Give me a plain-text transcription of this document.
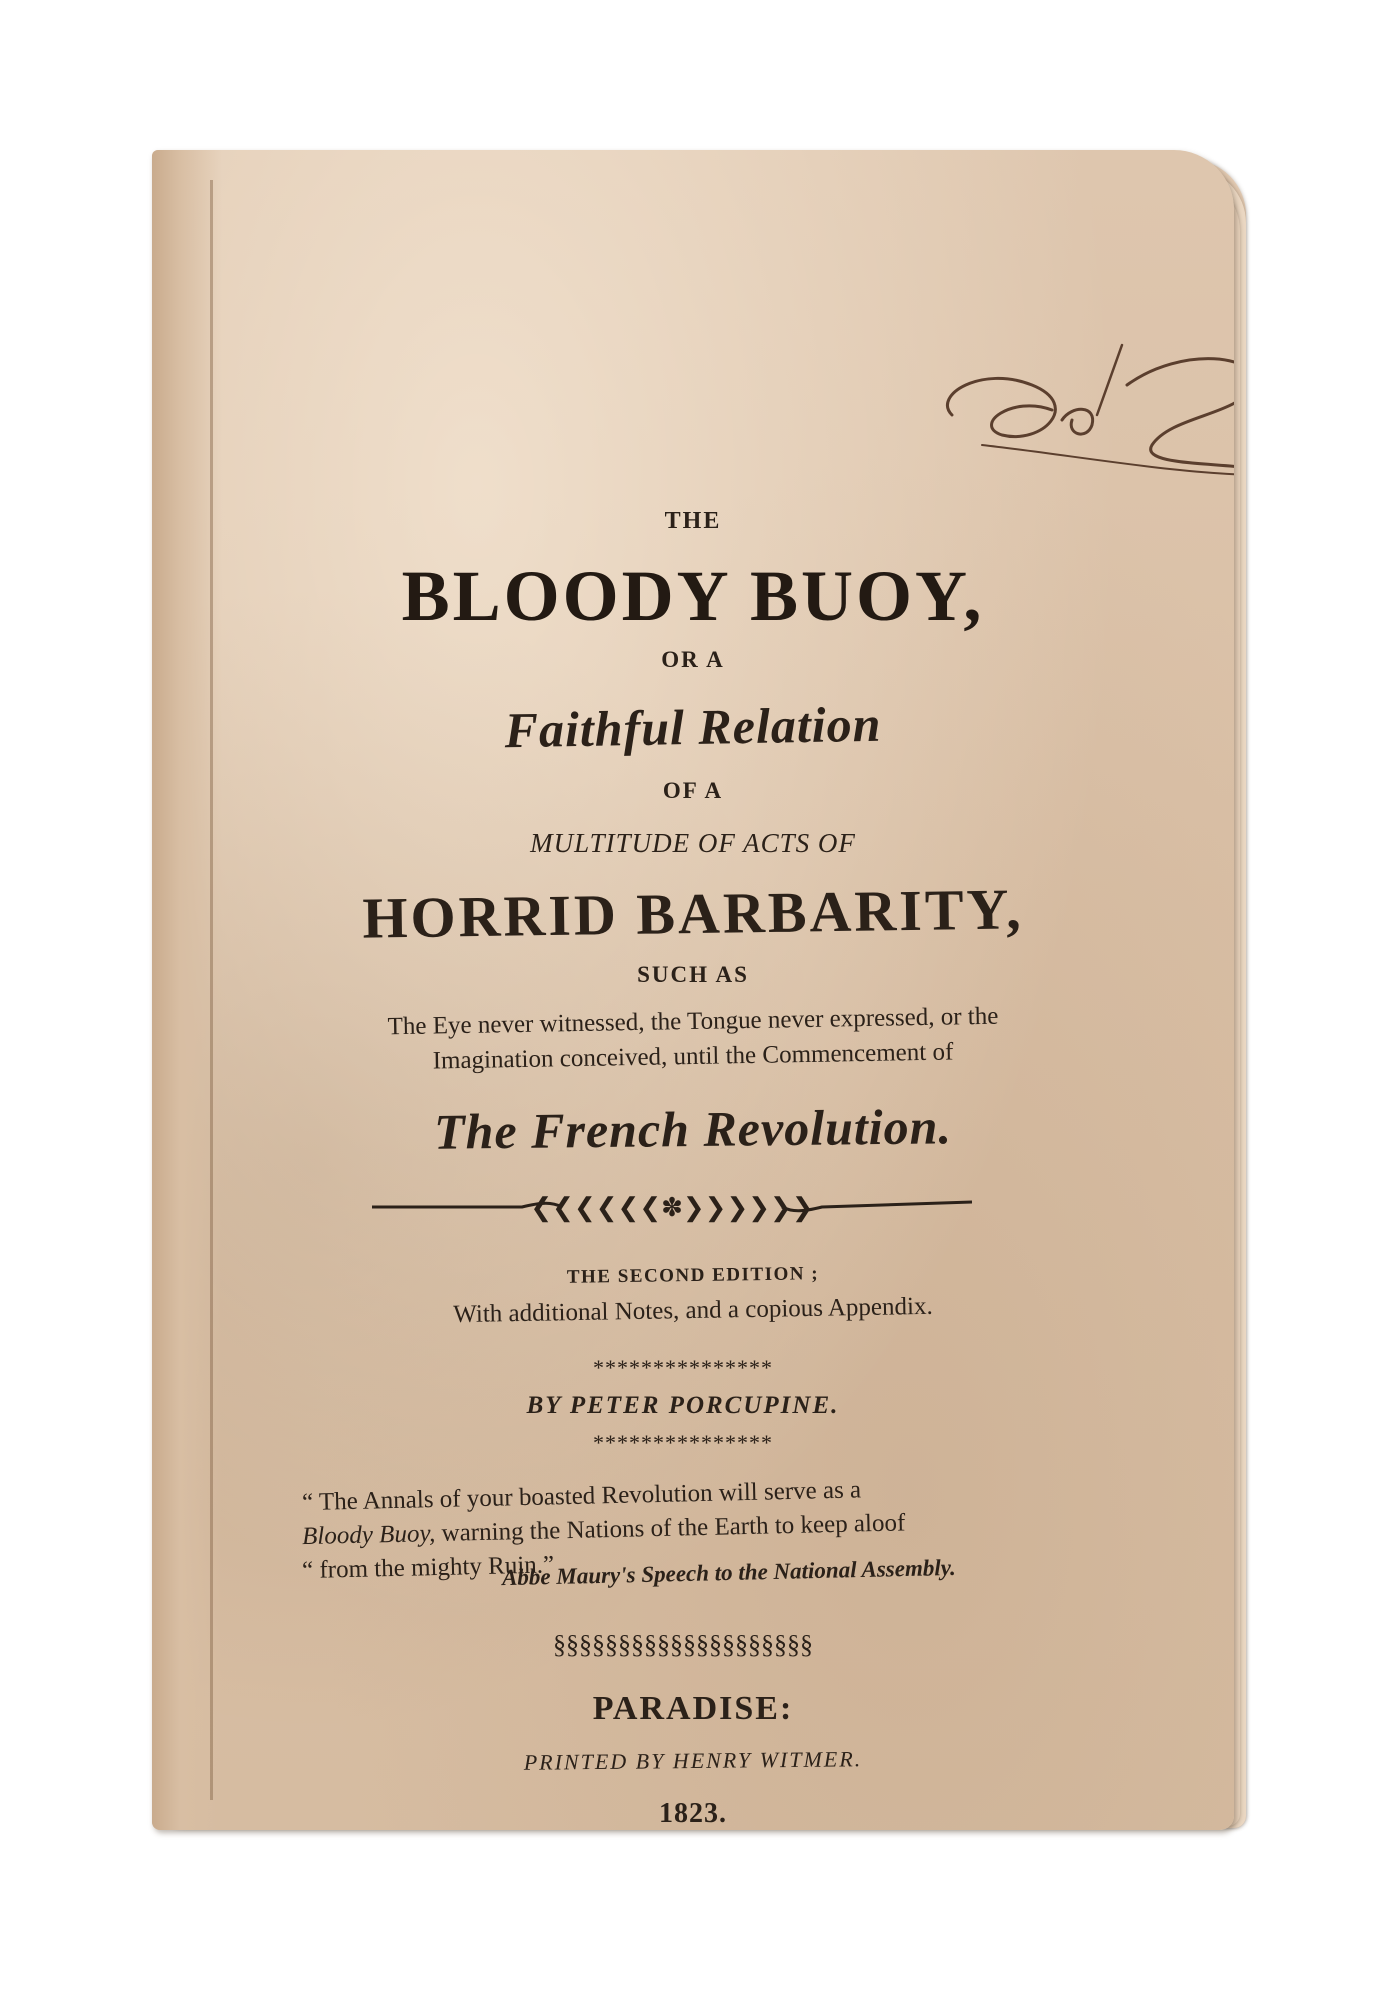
THE
BLOODY BUOY,
OR A
Faithful Relation
OF A
MULTITUDE OF ACTS OF
HORRID BARBARITY,
SUCH AS
The Eye never witnessed, the Tongue never expressed, or the
Imagination conceived, until the Commencement of
The French Revolution.
❮❮❮❮❮❮✽❯❯❯❯❯❯
THE SECOND EDITION ;
With additional Notes, and a copious Appendix.
***************
BY PETER PORCUPINE.
***************
“ The Annals of your boasted Revolution will serve as a
Bloody Buoy, warning the Nations of the Earth to keep aloof
“ from the mighty Ruin.”
Abbe Maury's Speech to the National Assembly.
§§§§§§§§§§§§§§§§§§§§
PARADISE:
PRINTED BY HENRY WITMER.
1823.
